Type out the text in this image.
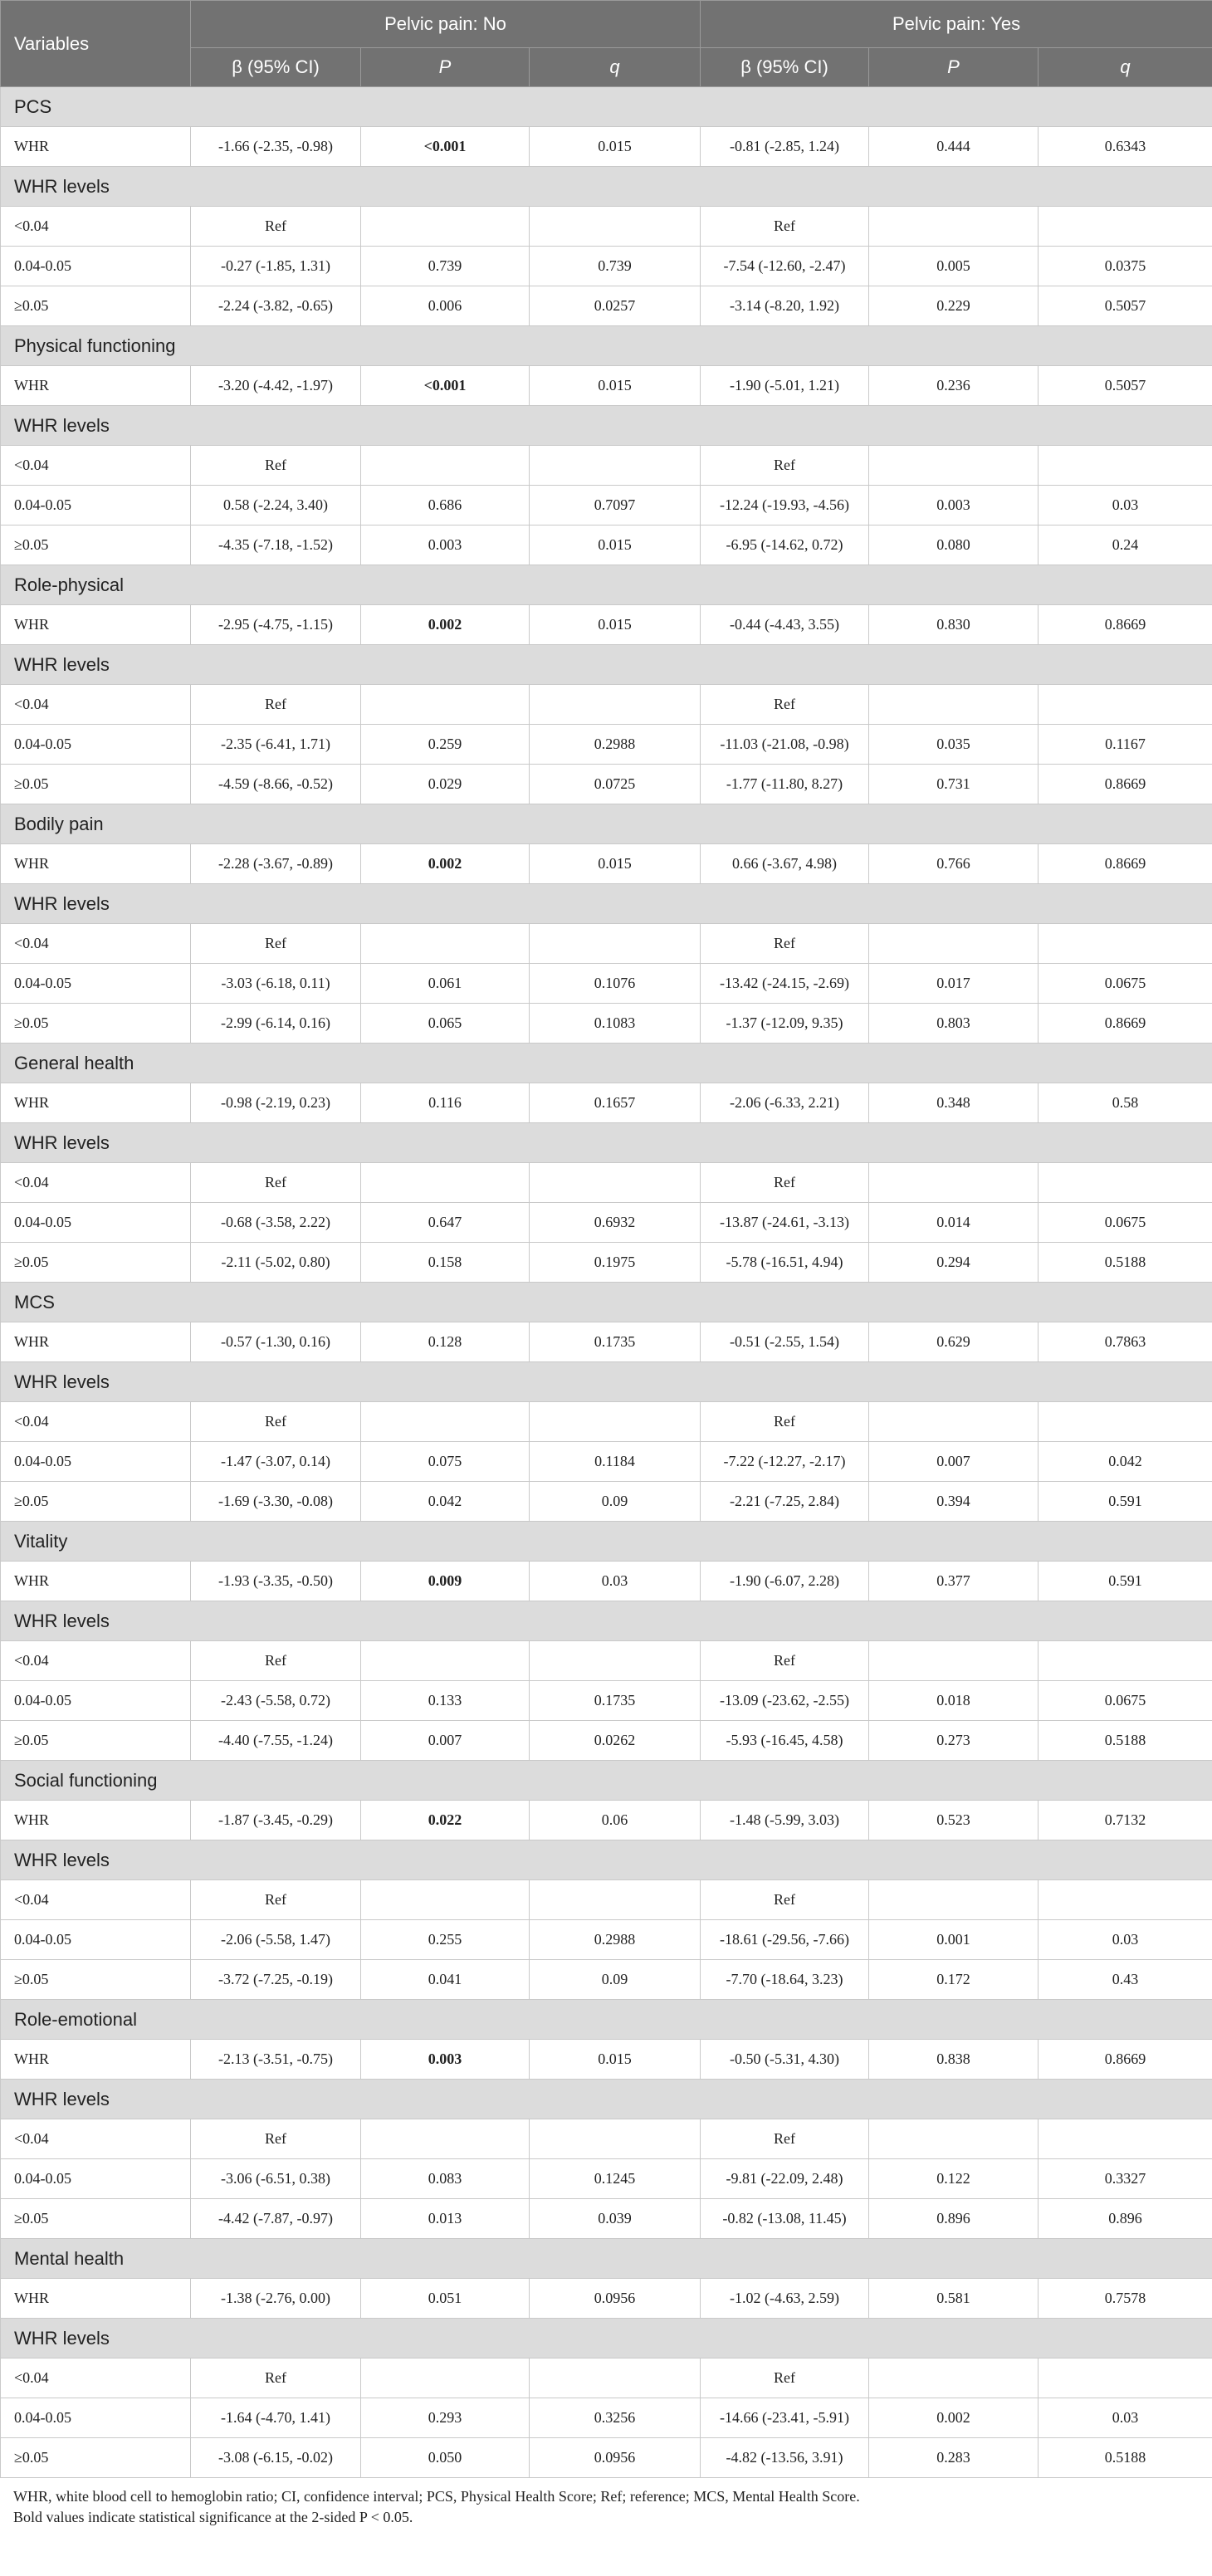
Variables	Pelvic pain: No			Pelvic pain: Yes		
	β (95% CI)	P	q	β (95% CI)	P	q
PCS						
WHR	-1.66 (-2.35, -0.98)	<0.001	0.015	-0.81 (-2.85, 1.24)	0.444	0.6343
WHR levels						
<0.04	Ref			Ref		
0.04-0.05	-0.27 (-1.85, 1.31)	0.739	0.739	-7.54 (-12.60, -2.47)	0.005	0.0375
≥0.05	-2.24 (-3.82, -0.65)	0.006	0.0257	-3.14 (-8.20, 1.92)	0.229	0.5057
Physical functioning						
WHR	-3.20 (-4.42, -1.97)	<0.001	0.015	-1.90 (-5.01, 1.21)	0.236	0.5057
WHR levels						
<0.04	Ref			Ref		
0.04-0.05	0.58 (-2.24, 3.40)	0.686	0.7097	-12.24 (-19.93, -4.56)	0.003	0.03
≥0.05	-4.35 (-7.18, -1.52)	0.003	0.015	-6.95 (-14.62, 0.72)	0.080	0.24
Role-physical						
WHR	-2.95 (-4.75, -1.15)	0.002	0.015	-0.44 (-4.43, 3.55)	0.830	0.8669
WHR levels						
<0.04	Ref			Ref		
0.04-0.05	-2.35 (-6.41, 1.71)	0.259	0.2988	-11.03 (-21.08, -0.98)	0.035	0.1167
≥0.05	-4.59 (-8.66, -0.52)	0.029	0.0725	-1.77 (-11.80, 8.27)	0.731	0.8669
Bodily pain						
WHR	-2.28 (-3.67, -0.89)	0.002	0.015	0.66 (-3.67, 4.98)	0.766	0.8669
WHR levels						
<0.04	Ref			Ref		
0.04-0.05	-3.03 (-6.18, 0.11)	0.061	0.1076	-13.42 (-24.15, -2.69)	0.017	0.0675
≥0.05	-2.99 (-6.14, 0.16)	0.065	0.1083	-1.37 (-12.09, 9.35)	0.803	0.8669
General health						
WHR	-0.98 (-2.19, 0.23)	0.116	0.1657	-2.06 (-6.33, 2.21)	0.348	0.58
WHR levels						
<0.04	Ref			Ref		
0.04-0.05	-0.68 (-3.58, 2.22)	0.647	0.6932	-13.87 (-24.61, -3.13)	0.014	0.0675
≥0.05	-2.11 (-5.02, 0.80)	0.158	0.1975	-5.78 (-16.51, 4.94)	0.294	0.5188
MCS						
WHR	-0.57 (-1.30, 0.16)	0.128	0.1735	-0.51 (-2.55, 1.54)	0.629	0.7863
WHR levels						
<0.04	Ref			Ref		
0.04-0.05	-1.47 (-3.07, 0.14)	0.075	0.1184	-7.22 (-12.27, -2.17)	0.007	0.042
≥0.05	-1.69 (-3.30, -0.08)	0.042	0.09	-2.21 (-7.25, 2.84)	0.394	0.591
Vitality						
WHR	-1.93 (-3.35, -0.50)	0.009	0.03	-1.90 (-6.07, 2.28)	0.377	0.591
WHR levels						
<0.04	Ref			Ref		
0.04-0.05	-2.43 (-5.58, 0.72)	0.133	0.1735	-13.09 (-23.62, -2.55)	0.018	0.0675
≥0.05	-4.40 (-7.55, -1.24)	0.007	0.0262	-5.93 (-16.45, 4.58)	0.273	0.5188
Social functioning						
WHR	-1.87 (-3.45, -0.29)	0.022	0.06	-1.48 (-5.99, 3.03)	0.523	0.7132
WHR levels						
<0.04	Ref			Ref		
0.04-0.05	-2.06 (-5.58, 1.47)	0.255	0.2988	-18.61 (-29.56, -7.66)	0.001	0.03
≥0.05	-3.72 (-7.25, -0.19)	0.041	0.09	-7.70 (-18.64, 3.23)	0.172	0.43
Role-emotional						
WHR	-2.13 (-3.51, -0.75)	0.003	0.015	-0.50 (-5.31, 4.30)	0.838	0.8669
WHR levels						
<0.04	Ref			Ref		
0.04-0.05	-3.06 (-6.51, 0.38)	0.083	0.1245	-9.81 (-22.09, 2.48)	0.122	0.3327
≥0.05	-4.42 (-7.87, -0.97)	0.013	0.039	-0.82 (-13.08, 11.45)	0.896	0.896
Mental health						
WHR	-1.38 (-2.76, 0.00)	0.051	0.0956	-1.02 (-4.63, 2.59)	0.581	0.7578
WHR levels						
<0.04	Ref			Ref		
0.04-0.05	-1.64 (-4.70, 1.41)	0.293	0.3256	-14.66 (-23.41, -5.91)	0.002	0.03
≥0.05	-3.08 (-6.15, -0.02)	0.050	0.0956	-4.82 (-13.56, 3.91)	0.283	0.5188
WHR, white blood cell to hemoglobin ratio; CI, confidence interval; PCS, Physical Health Score; Ref; reference; MCS, Mental Health Score.
Bold values indicate statistical significance at the 2-sided P < 0.05.
